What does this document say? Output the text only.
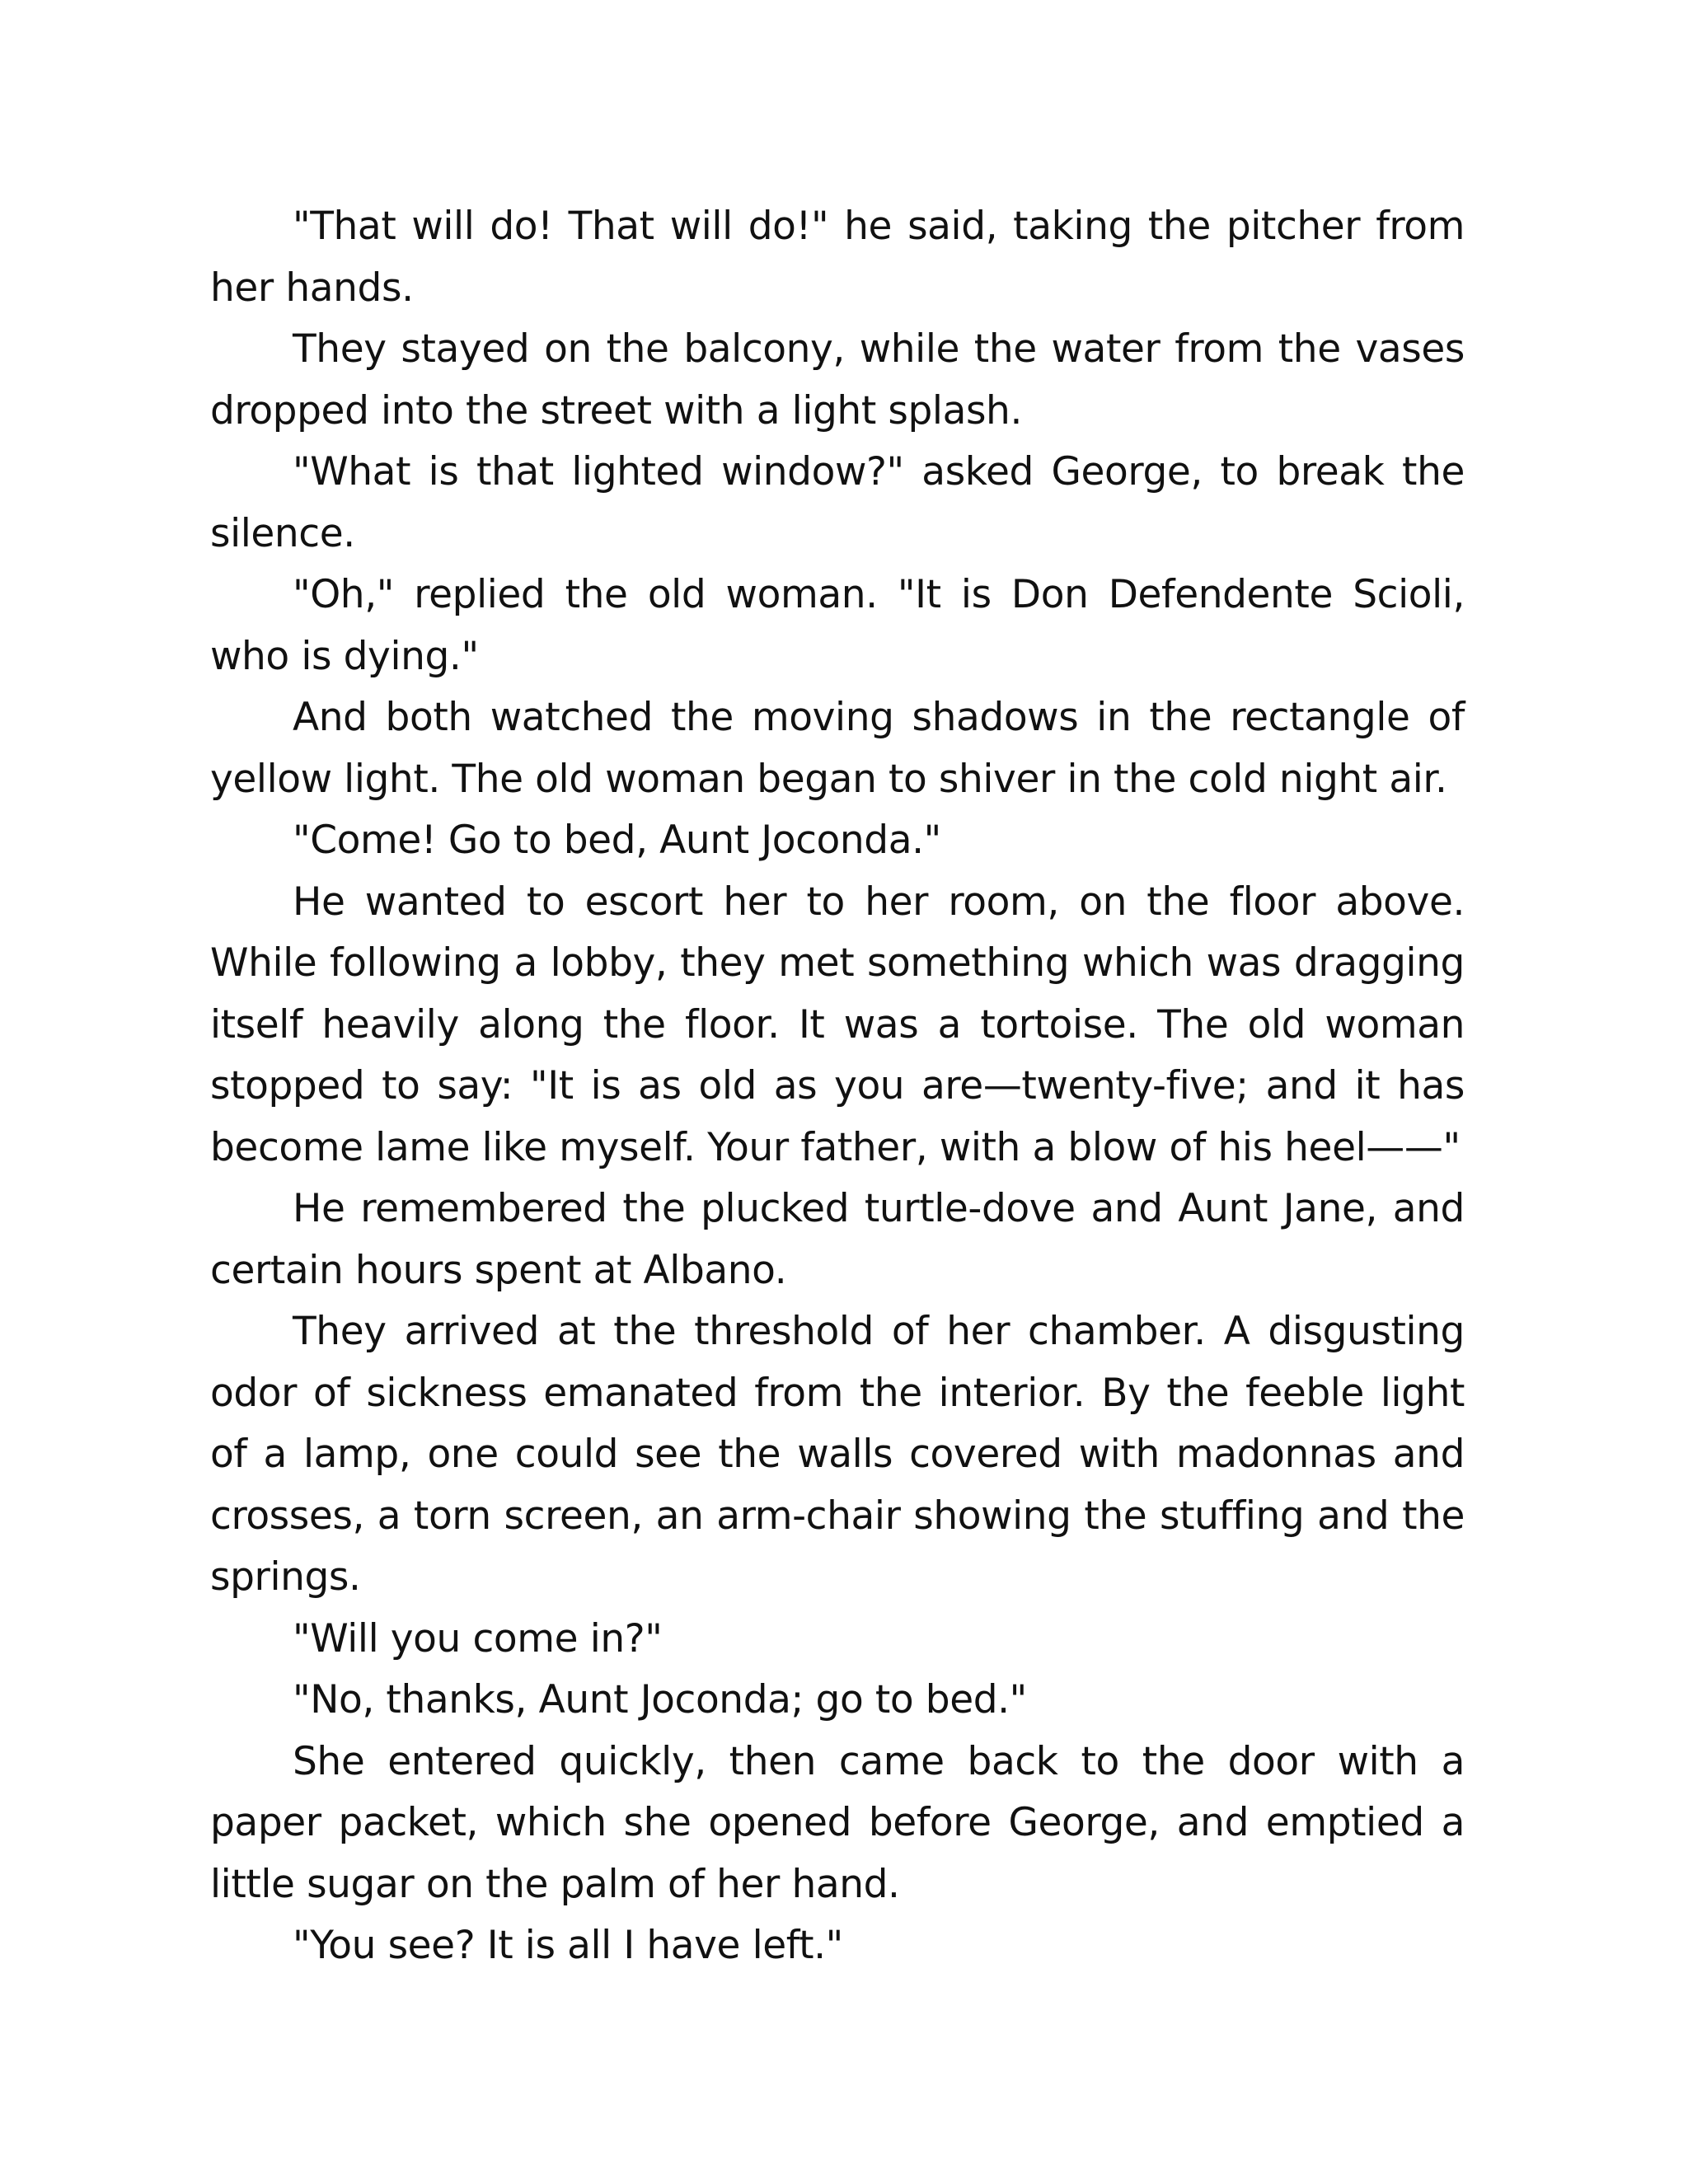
"That will do! That will do!" he said, taking the pitcher from her hands.

They stayed on the balcony, while the water from the vases dropped into the street with a light splash.

"What is that lighted window?" asked George, to break the silence.

"Oh," replied the old woman. "It is Don Defendente Scioli, who is dying."

And both watched the moving shadows in the rectangle of yellow light. The old woman began to shiver in the cold night air.

"Come! Go to bed, Aunt Joconda."

He wanted to escort her to her room, on the floor above. While following a lobby, they met something which was dragging itself heavily along the floor. It was a tortoise. The old woman stopped to say: "It is as old as you are—twenty-five; and it has become lame like myself. Your father, with a blow of his heel——"

He remembered the plucked turtle-dove and Aunt Jane, and certain hours spent at Albano.

They arrived at the threshold of her chamber. A disgusting odor of sickness emanated from the interior. By the feeble light of a lamp, one could see the walls covered with madonnas and crosses, a torn screen, an arm-chair showing the stuffing and the springs.

"Will you come in?"

"No, thanks, Aunt Joconda; go to bed."

She entered quickly, then came back to the door with a paper packet, which she opened before George, and emptied a little sugar on the palm of her hand.

"You see? It is all I have left."
